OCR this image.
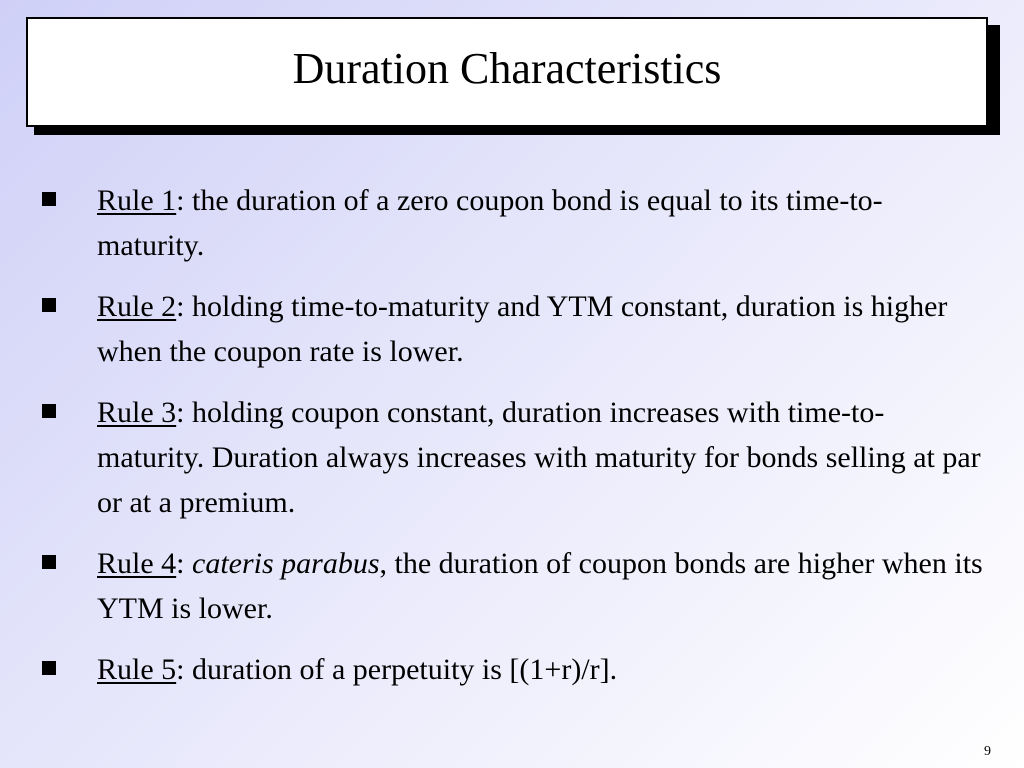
Duration Characteristics
Rule 1: the duration of a zero coupon bond is equal to its time-to-maturity.
Rule 2: holding time-to-maturity and YTM constant, duration is higher when the coupon rate is lower.
Rule 3: holding coupon constant, duration increases with time-to-maturity. Duration always increases with maturity for bonds selling at par or at a premium.
Rule 4: cateris parabus, the duration of coupon bonds are higher when its YTM is lower.
Rule 5: duration of a perpetuity is [(1+r)/r].
9
